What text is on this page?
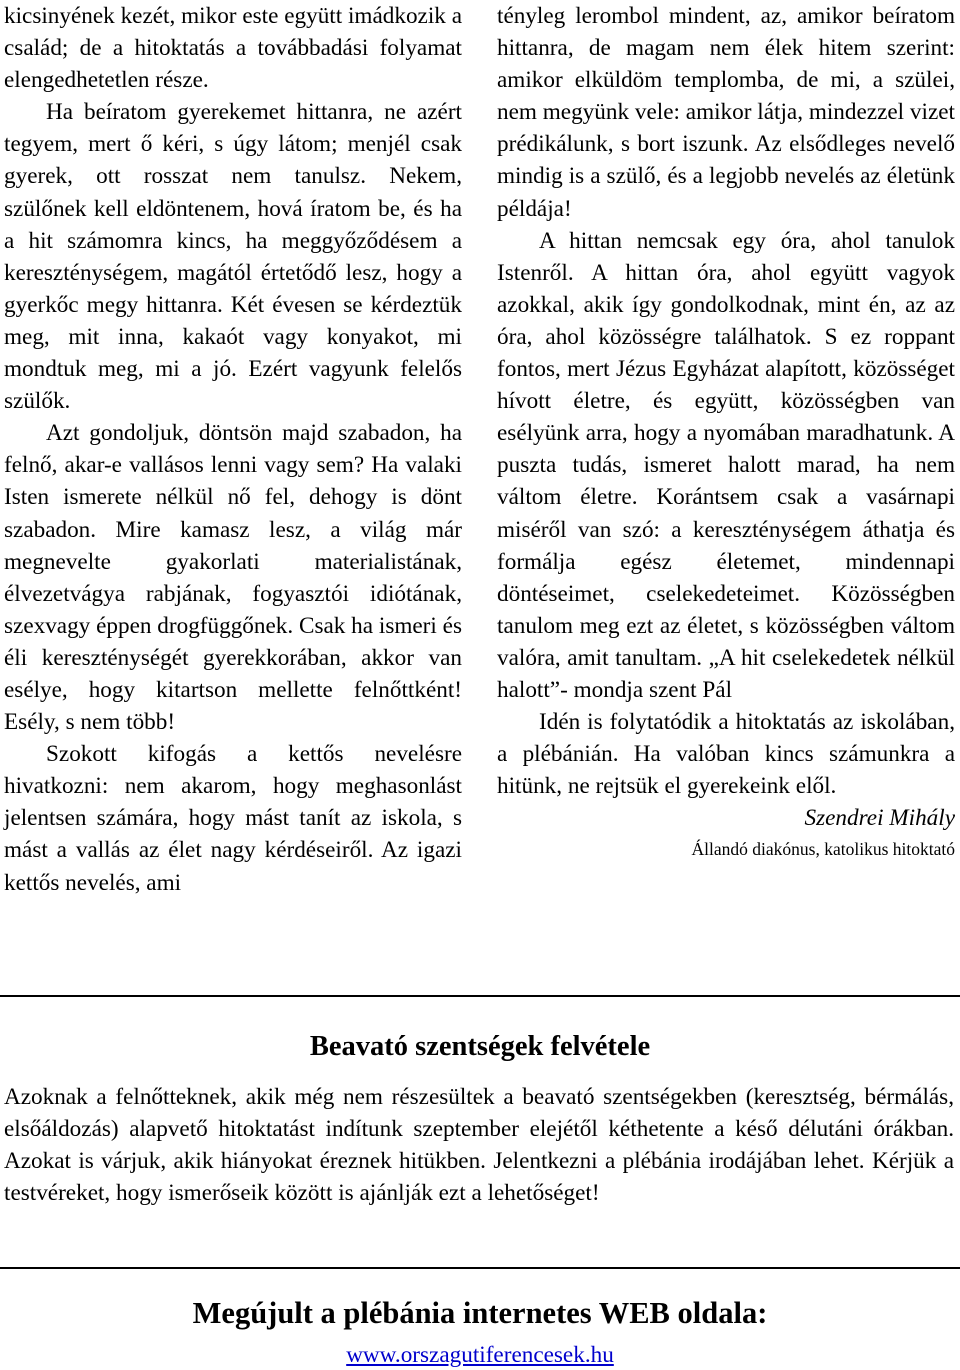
kicsinyének kezét, mikor este együtt imádkozik a család; de a hitoktatás a továbbadási folyamat elengedhetetlen része.

Ha beíratom gyerekemet hittanra, ne azért tegyem, mert ő kéri, s úgy látom; menjél csak gyerek, ott rosszat nem tanulsz. Nekem, szülőnek kell eldöntenem, hová íratom be, és ha a hit számomra kincs, ha meggyőződésem a kereszténységem, magától értetődő lesz, hogy a gyerkőc megy hittanra. Két évesen se kérdeztük meg, mit inna, kakaót vagy konyakot, mi mondtuk meg, mi a jó. Ezért vagyunk felelős szülők.

Azt gondoljuk, döntsön majd szabadon, ha felnő, akar-e vallásos lenni vagy sem? Ha valaki Isten ismerete nélkül nő fel, dehogy is dönt szabadon. Mire kamasz lesz, a világ már megnevelte gyakorlati materialistának, élvezetvágya rabjának, fogyasztói idiótának, szexvagy éppen drogfüggőnek. Csak ha ismeri és éli kereszténységét gyerekkorában, akkor van esélye, hogy kitartson mellette felnőttként! Esély, s nem több!

Szokott kifogás a kettős nevelésre hivatkozni: nem akarom, hogy meghasonlást jelentsen számára, hogy mást tanít az iskola, s mást a vallás az élet nagy kérdéseiről. Az igazi kettős nevelés, ami

tényleg lerombol mindent, az, amikor beíratom hittanra, de magam nem élek hitem szerint: amikor elküldöm templomba, de mi, a szülei, nem megyünk vele: amikor látja, mindezzel vizet prédikálunk, s bort iszunk. Az elsődleges nevelő mindig is a szülő, és a legjobb nevelés az életünk példája!

A hittan nemcsak egy óra, ahol tanulok Istenről. A hittan óra, ahol együtt vagyok azokkal, akik így gondolkodnak, mint én, az az óra, ahol közösségre találhatok. S ez roppant fontos, mert Jézus Egyházat alapított, közösséget hívott életre, és együtt, közösségben van esélyünk arra, hogy a nyomában maradhatunk. A puszta tudás, ismeret halott marad, ha nem váltom életre. Korántsem csak a vasárnapi miséről van szó: a kereszténységem áthatja és formálja egész életemet, mindennapi döntéseimet, cselekedeteimet. Közösségben tanulom meg ezt az életet, s közösségben váltom valóra, amit tanultam. „A hit cselekedetek nélkül halott”- mondja szent Pál

Idén is folytatódik a hitoktatás az iskolában, a plébánián. Ha valóban kincs számunkra a hitünk, ne rejtsük el gyerekeink elől.

Szendrei Mihály

Állandó diakónus, katolikus hitoktató

Beavató szentségek felvétele

Azoknak a felnőtteknek, akik még nem részesültek a beavató szentségekben (keresztség, bérmálás, elsőáldozás) alapvető hitoktatást indítunk szeptember elejétől kéthetente a késő délutáni órákban. Azokat is várjuk, akik hiányokat éreznek hitükben. Jelentkezni a plébánia irodájában lehet. Kérjük a testvéreket, hogy ismerőseik között is ajánlják ezt a lehetőséget!

Megújult a plébánia internetes WEB oldala:
www.orszagutiferencesek.hu
